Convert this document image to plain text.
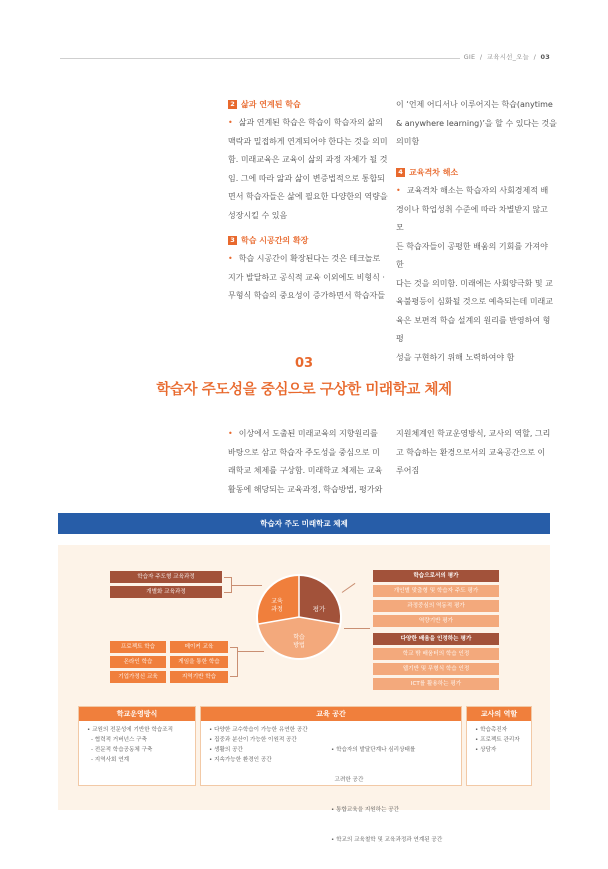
GIE  /  교육시선_오늘  /  03
2 삶과 연계된 학습
• 삶과 연계된 학습은 학습이 학습자의 삶의
맥락과 밀접하게 연계되어야 한다는 것을 의미
함. 미래교육은 교육이 삶의 과정 자체가 될 것
임. 그에 따라 앎과 삶이 변증법적으로 통합되
면서 학습자들은 삶에 필요한 다양한의 역량을
성장시킬 수 있음
3 학습 시공간의 확장
• 학습 시공간이 확장된다는 것은 테크놀로
지가 발달하고 공식적 교육 이외에도 비형식 ·
무형식 학습의 중요성이 증가하면서 학습자들
이 ‘언제 어디서나 이루어지는 학습(anytime
& anywhere learning)’을 할 수 있다는 것을
의미함
4 교육격차 해소
• 교육격차 해소는 학습자의 사회경제적 배
경이나 학업성취 수준에 따라 차별받지 않고 모
든 학습자들이 공평한 배움의 기회를 가져야 한
다는 것을 의미함. 미래에는 사회양극화 및 교
육불평등이 심화될 것으로 예측되는데 미래교
육은 보편적 학습 설계의 원리를 반영하여 형평
성을 구현하기 위해 노력하여야 함
03
학습자 주도성을 중심으로 구상한 미래학교 체제
• 이상에서 도출된 미래교육의 지향원리를
바탕으로 삼고 학습자 주도성을 중심으로 미
래학교 체제를 구상함. 미래학교 체제는 교육
활동에 해당되는 교육과정, 학습방법, 평가와
지원체계인 학교운영방식, 교사의 역할, 그리
고 학습하는 환경으로서의 교육공간으로 이
루어짐
학습자 주도 미래학교 체제
학습자 주도형 교육과정
개별화 교육과정
프로젝트 학습	메이커 교육
온라인 학습	게임을 통한 학습
기업가정신 교육	지역기반 학습
교육 과정	평가
학습 방법
학습으로서의 평가
개인별 맞춤형 및 학습자 주도 평가
과정중심의 역동적 평가
역량기반 평가
다양한 배움을 인정하는 평가
학교 밖 배움터의 학습 인정
웹기반 및 무형식 학습 인정
ICT를 활용하는 평가
학교운영방식
• 교원의 전문성에 기반한 학습조직
- 협력적 거버넌스 구축
- 전문적 학습공동체 구축
- 지역사회 연계
교육 공간
• 다양한 교수학습이 가능한 유연한 공간
• 집중과 분산이 가능한 이원적 공간
• 생활의 공간
• 지속가능한 환경인 공간

• 학습자의 발달단계나 심리상태를

고려한 공간

• 통합교육을 지원하는 공간

• 학교의 교육철학 및 교육과정과 연계된 공간

교사의 역할
• 학습촉진자
• 프로젝트 관리자
• 상담자
